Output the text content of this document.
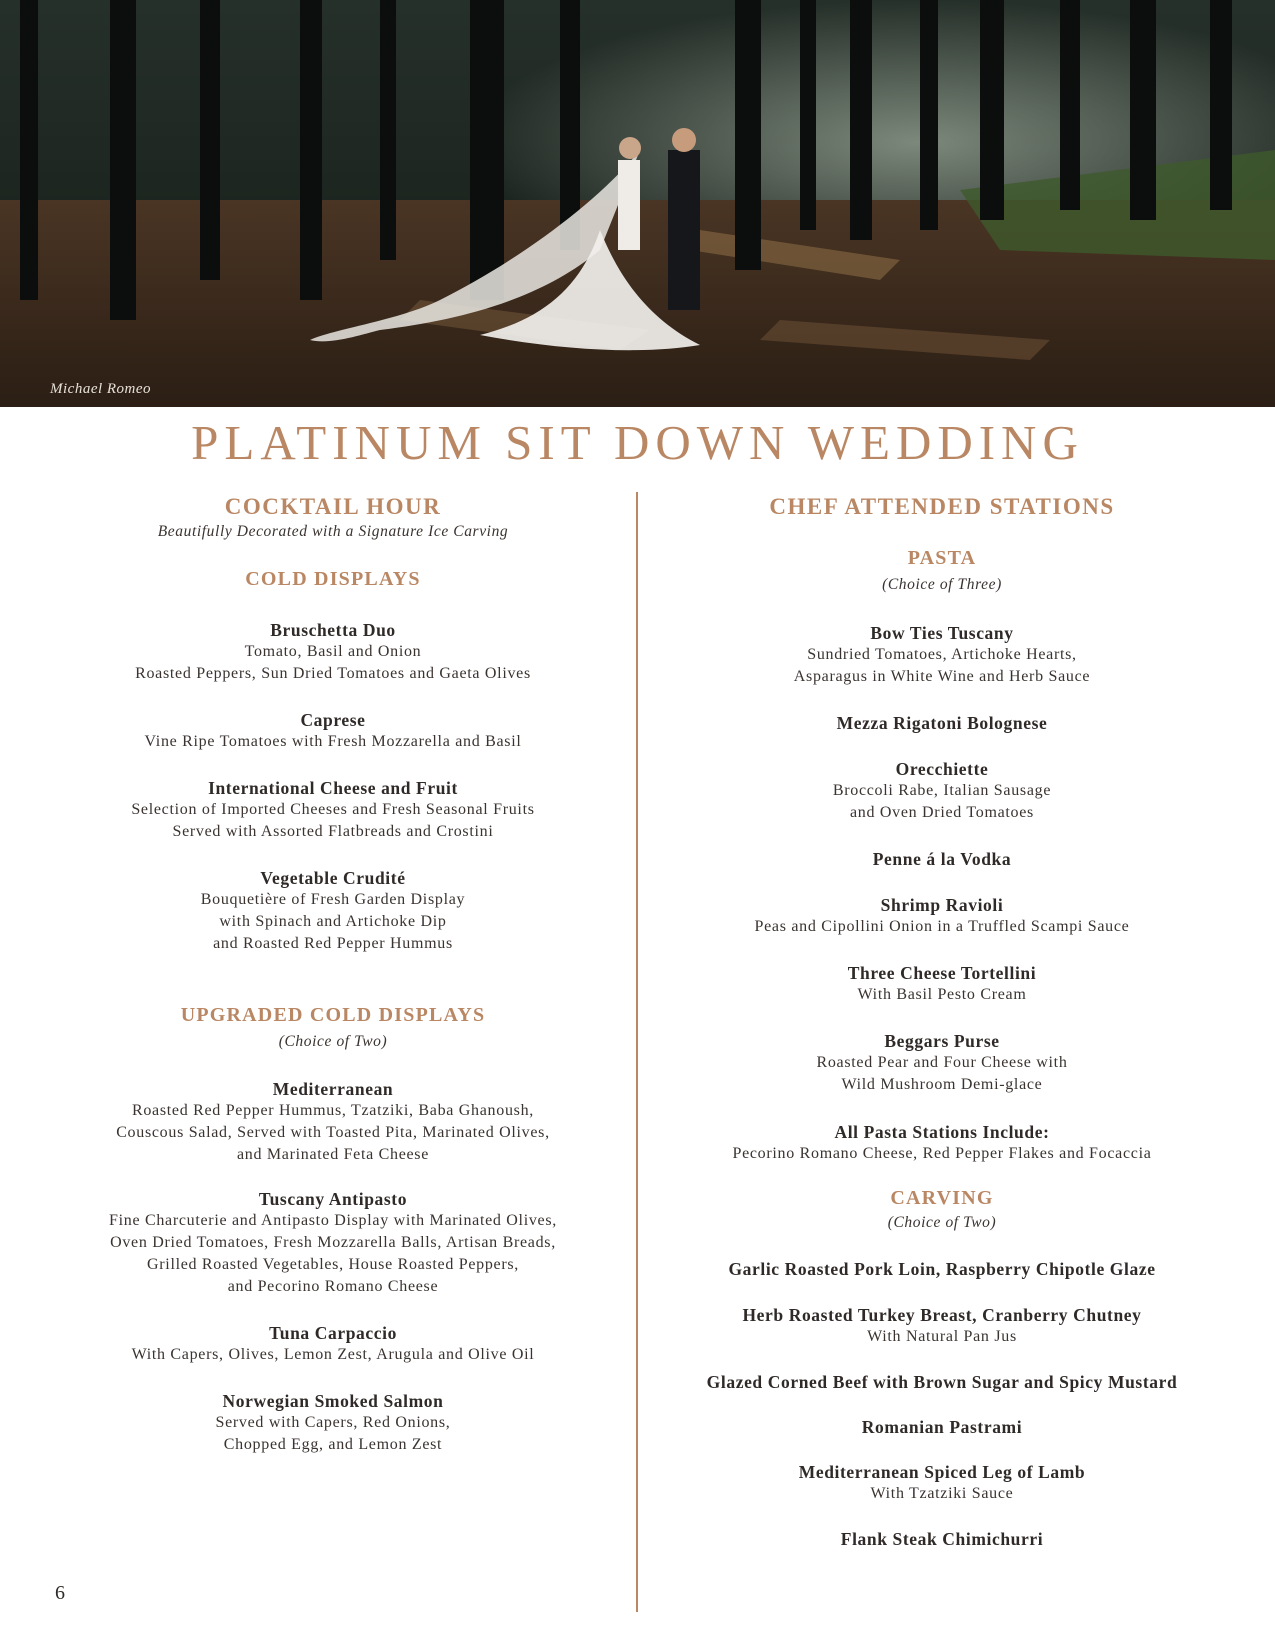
Michael Romeo
PLATINUM SIT DOWN WEDDING
COCKTAIL HOUR
Beautifully Decorated with a Signature Ice Carving
COLD DISPLAYS
Bruschetta Duo
Tomato, Basil and Onion
Roasted Peppers, Sun Dried Tomatoes and Gaeta Olives
Caprese
Vine Ripe Tomatoes with Fresh Mozzarella and Basil
International Cheese and Fruit
Selection of Imported Cheeses and Fresh Seasonal Fruits
Served with Assorted Flatbreads and Crostini
Vegetable Crudité
Bouquetière of Fresh Garden Display
with Spinach and Artichoke Dip
and Roasted Red Pepper Hummus
UPGRADED COLD DISPLAYS
(Choice of Two)
Mediterranean
Roasted Red Pepper Hummus, Tzatziki, Baba Ghanoush,
Couscous Salad, Served with Toasted Pita, Marinated Olives,
and Marinated Feta Cheese
Tuscany Antipasto
Fine Charcuterie and Antipasto Display with Marinated Olives,
Oven Dried Tomatoes, Fresh Mozzarella Balls, Artisan Breads,
Grilled Roasted Vegetables, House Roasted Peppers,
and Pecorino Romano Cheese
Tuna Carpaccio
With Capers, Olives, Lemon Zest, Arugula and Olive Oil
Norwegian Smoked Salmon
Served with Capers, Red Onions,
Chopped Egg, and Lemon Zest
CHEF ATTENDED STATIONS
PASTA
(Choice of Three)
Bow Ties Tuscany
Sundried Tomatoes, Artichoke Hearts,
Asparagus in White Wine and Herb Sauce
Mezza Rigatoni Bolognese
Orecchiette
Broccoli Rabe, Italian Sausage
and Oven Dried Tomatoes
Penne á la Vodka
Shrimp Ravioli
Peas and Cipollini Onion in a Truffled Scampi Sauce
Three Cheese Tortellini
With Basil Pesto Cream
Beggars Purse
Roasted Pear and Four Cheese with
Wild Mushroom Demi-glace
All Pasta Stations Include:
Pecorino Romano Cheese, Red Pepper Flakes and Focaccia
CARVING
(Choice of Two)
Garlic Roasted Pork Loin, Raspberry Chipotle Glaze
Herb Roasted Turkey Breast, Cranberry Chutney
With Natural Pan Jus
Glazed Corned Beef with Brown Sugar and Spicy Mustard
Romanian Pastrami
Mediterranean Spiced Leg of Lamb
With Tzatziki Sauce
Flank Steak Chimichurri
6
